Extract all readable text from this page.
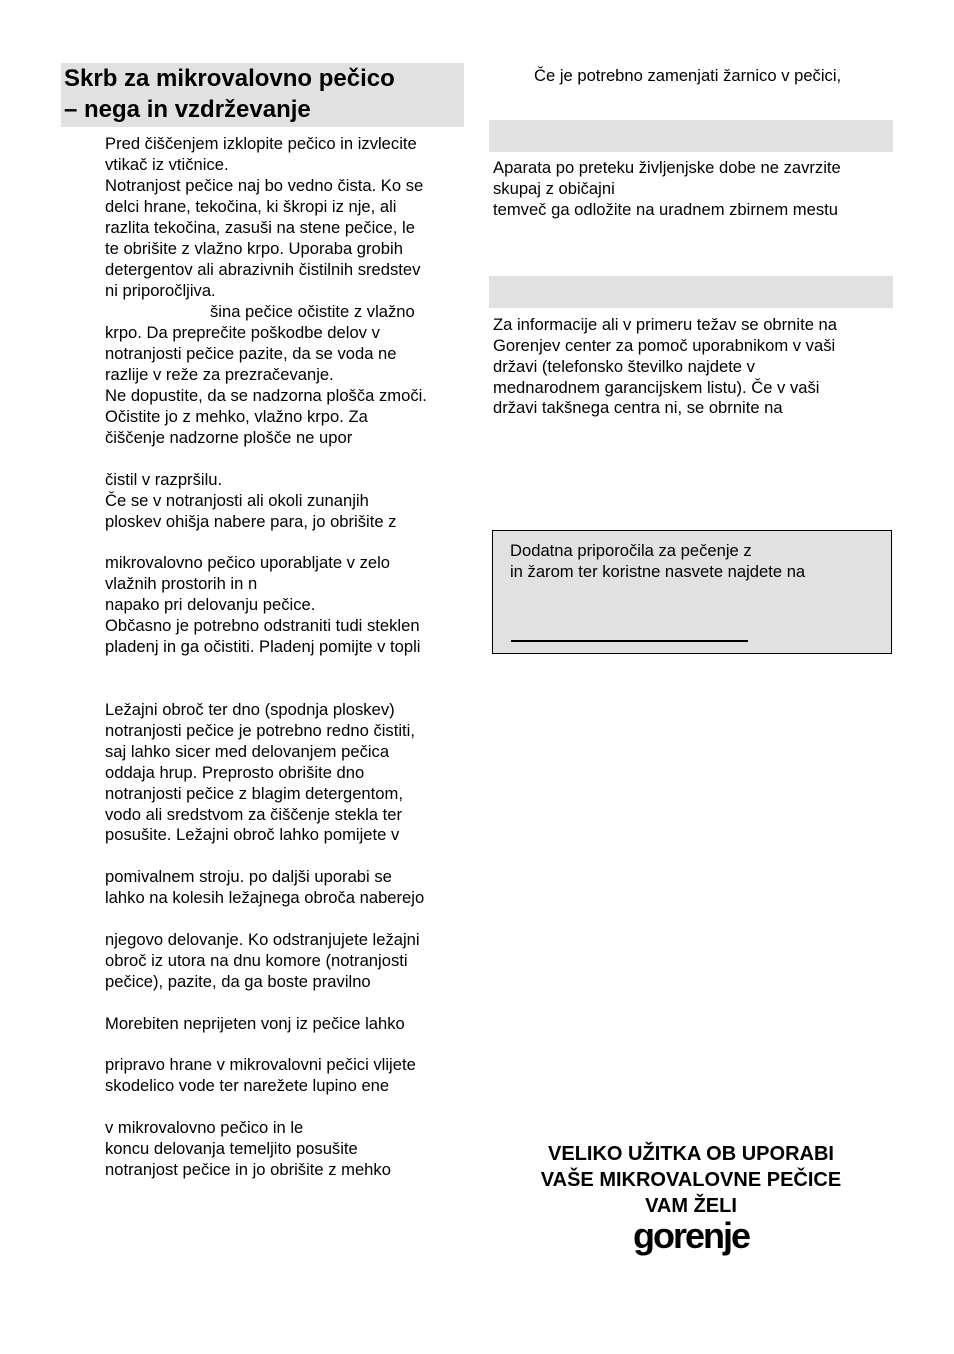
Skrb za mikrovalovno pečico
– nega in vzdrževanje
Pred čiščenjem izklopite pečico in izvlecite
vtikač iz vtičnice.
Notranjost pečice naj bo vedno čista. Ko se
delci hrane, tekočina, ki škropi iz nje, ali
razlita tekočina, zasuši na stene pečice, le
te obrišite z vlažno krpo. Uporaba grobih
detergentov ali abrazivnih čistilnih sredstev
ni priporočljiva.
šina pečice očistite z vlažno
krpo. Da preprečite poškodbe delov v
notranjosti pečice pazite, da se voda ne
razlije v reže za prezračevanje.
Ne dopustite, da se nadzorna plošča zmoči.
Očistite jo z mehko, vlažno krpo. Za
čiščenje nadzorne plošče ne upor
čistil v razpršilu.
Če se v notranjosti ali okoli zunanjih
ploskev ohišja nabere para, jo obrišite z
mikrovalovno pečico uporabljate v zelo
vlažnih prostorih in n
napako pri delovanju pečice.
Občasno je potrebno odstraniti tudi steklen
pladenj in ga očistiti. Pladenj pomijte v topli
Ležajni obroč ter dno (spodnja ploskev)
notranjosti pečice je potrebno redno čistiti,
saj lahko sicer med delovanjem pečica
oddaja hrup. Preprosto obrišite dno
notranjosti pečice z blagim detergentom,
vodo ali sredstvom za čiščenje stekla ter
posušite. Ležajni obroč lahko pomijete v
pomivalnem stroju. po daljši uporabi se
lahko na kolesih ležajnega obroča naberejo
njegovo delovanje. Ko odstranjujete ležajni
obroč iz utora na dnu komore (notranjosti
pečice), pazite, da ga boste pravilno
Morebiten neprijeten vonj iz pečice lahko
pripravo hrane v mikrovalovni pečici vlijete
skodelico vode ter narežete lupino ene
v mikrovalovno pečico in le
koncu delovanja temeljito posušite
notranjost pečice in jo obrišite z mehko
Če je potrebno zamenjati žarnico v pečici,
Aparata po preteku življenjske dobe ne zavrzite
skupaj z običajni
temveč ga odložite na uradnem zbirnem mestu
Za informacije ali v primeru težav se obrnite na
Gorenjev center za pomoč uporabnikom v vaši
državi (telefonsko številko najdete v
mednarodnem garancijskem listu). Če v vaši
državi takšnega centra ni, se obrnite na
Dodatna priporočila za pečenje z
in žarom ter koristne nasvete najdete na
VELIKO UŽITKA OB UPORABI
VAŠE MIKROVALOVNE PEČICE
VAM ŽELI
gorenje
